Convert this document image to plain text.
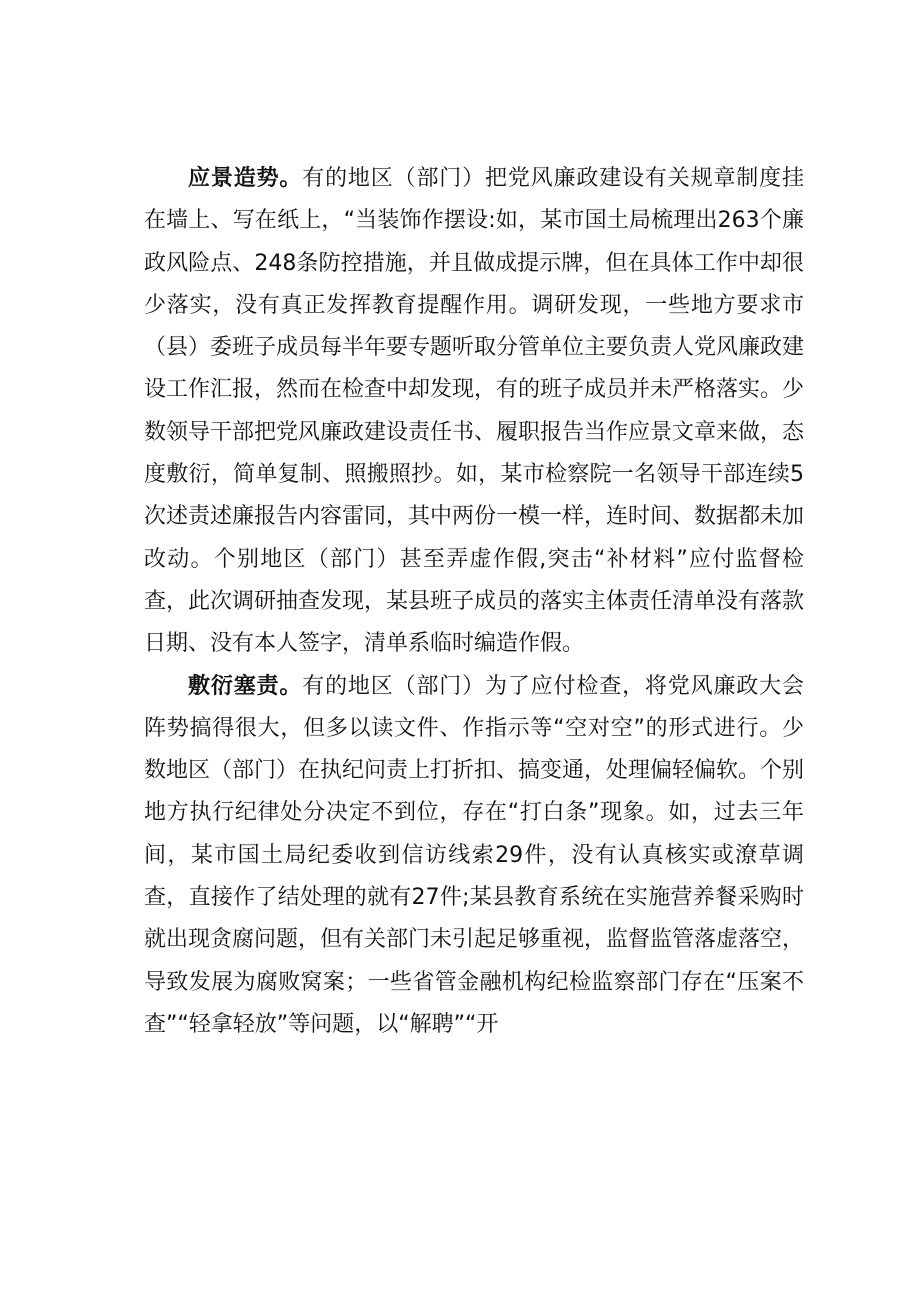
应景造势。有的地区（部门）把党风廉政建设有关规章制度挂在墙上、写在纸上，“当装饰作摆设:如，某市国土局梳理出263个廉政风险点、248条防控措施，并且做成提示牌，但在具体工作中却很少落实，没有真正发挥教育提醒作用。调研发现，一些地方要求市（县）委班子成员每半年要专题听取分管单位主要负责人党风廉政建设工作汇报，然而在检查中却发现，有的班子成员并未严格落实。少数领导干部把党风廉政建设责任书、履职报告当作应景文章来做，态度敷衍，简单复制、照搬照抄。如，某市检察院一名领导干部连续5次述责述廉报告内容雷同，其中两份一模一样，连时间、数据都未加改动。个别地区（部门）甚至弄虚作假,突击“补材料”应付监督检查，此次调研抽查发现，某县班子成员的落实主体责任清单没有落款日期、没有本人签字，清单系临时编造作假。

敷衍塞责。有的地区（部门）为了应付检查，将党风廉政大会阵势搞得很大，但多以读文件、作指示等“空对空”的形式进行。少数地区（部门）在执纪问责上打折扣、搞变通，处理偏轻偏软。个别地方执行纪律处分决定不到位，存在“打白条”现象。如，过去三年间，某市国土局纪委收到信访线索29件，没有认真核实或潦草调查，直接作了结处理的就有27件;某县教育系统在实施营养餐采购时就出现贪腐问题，但有关部门未引起足够重视，监督监管落虚落空，导致发展为腐败窝案；一些省管金融机构纪检监察部门存在“压案不查”“轻拿轻放”等问题，以“解聘”“开
